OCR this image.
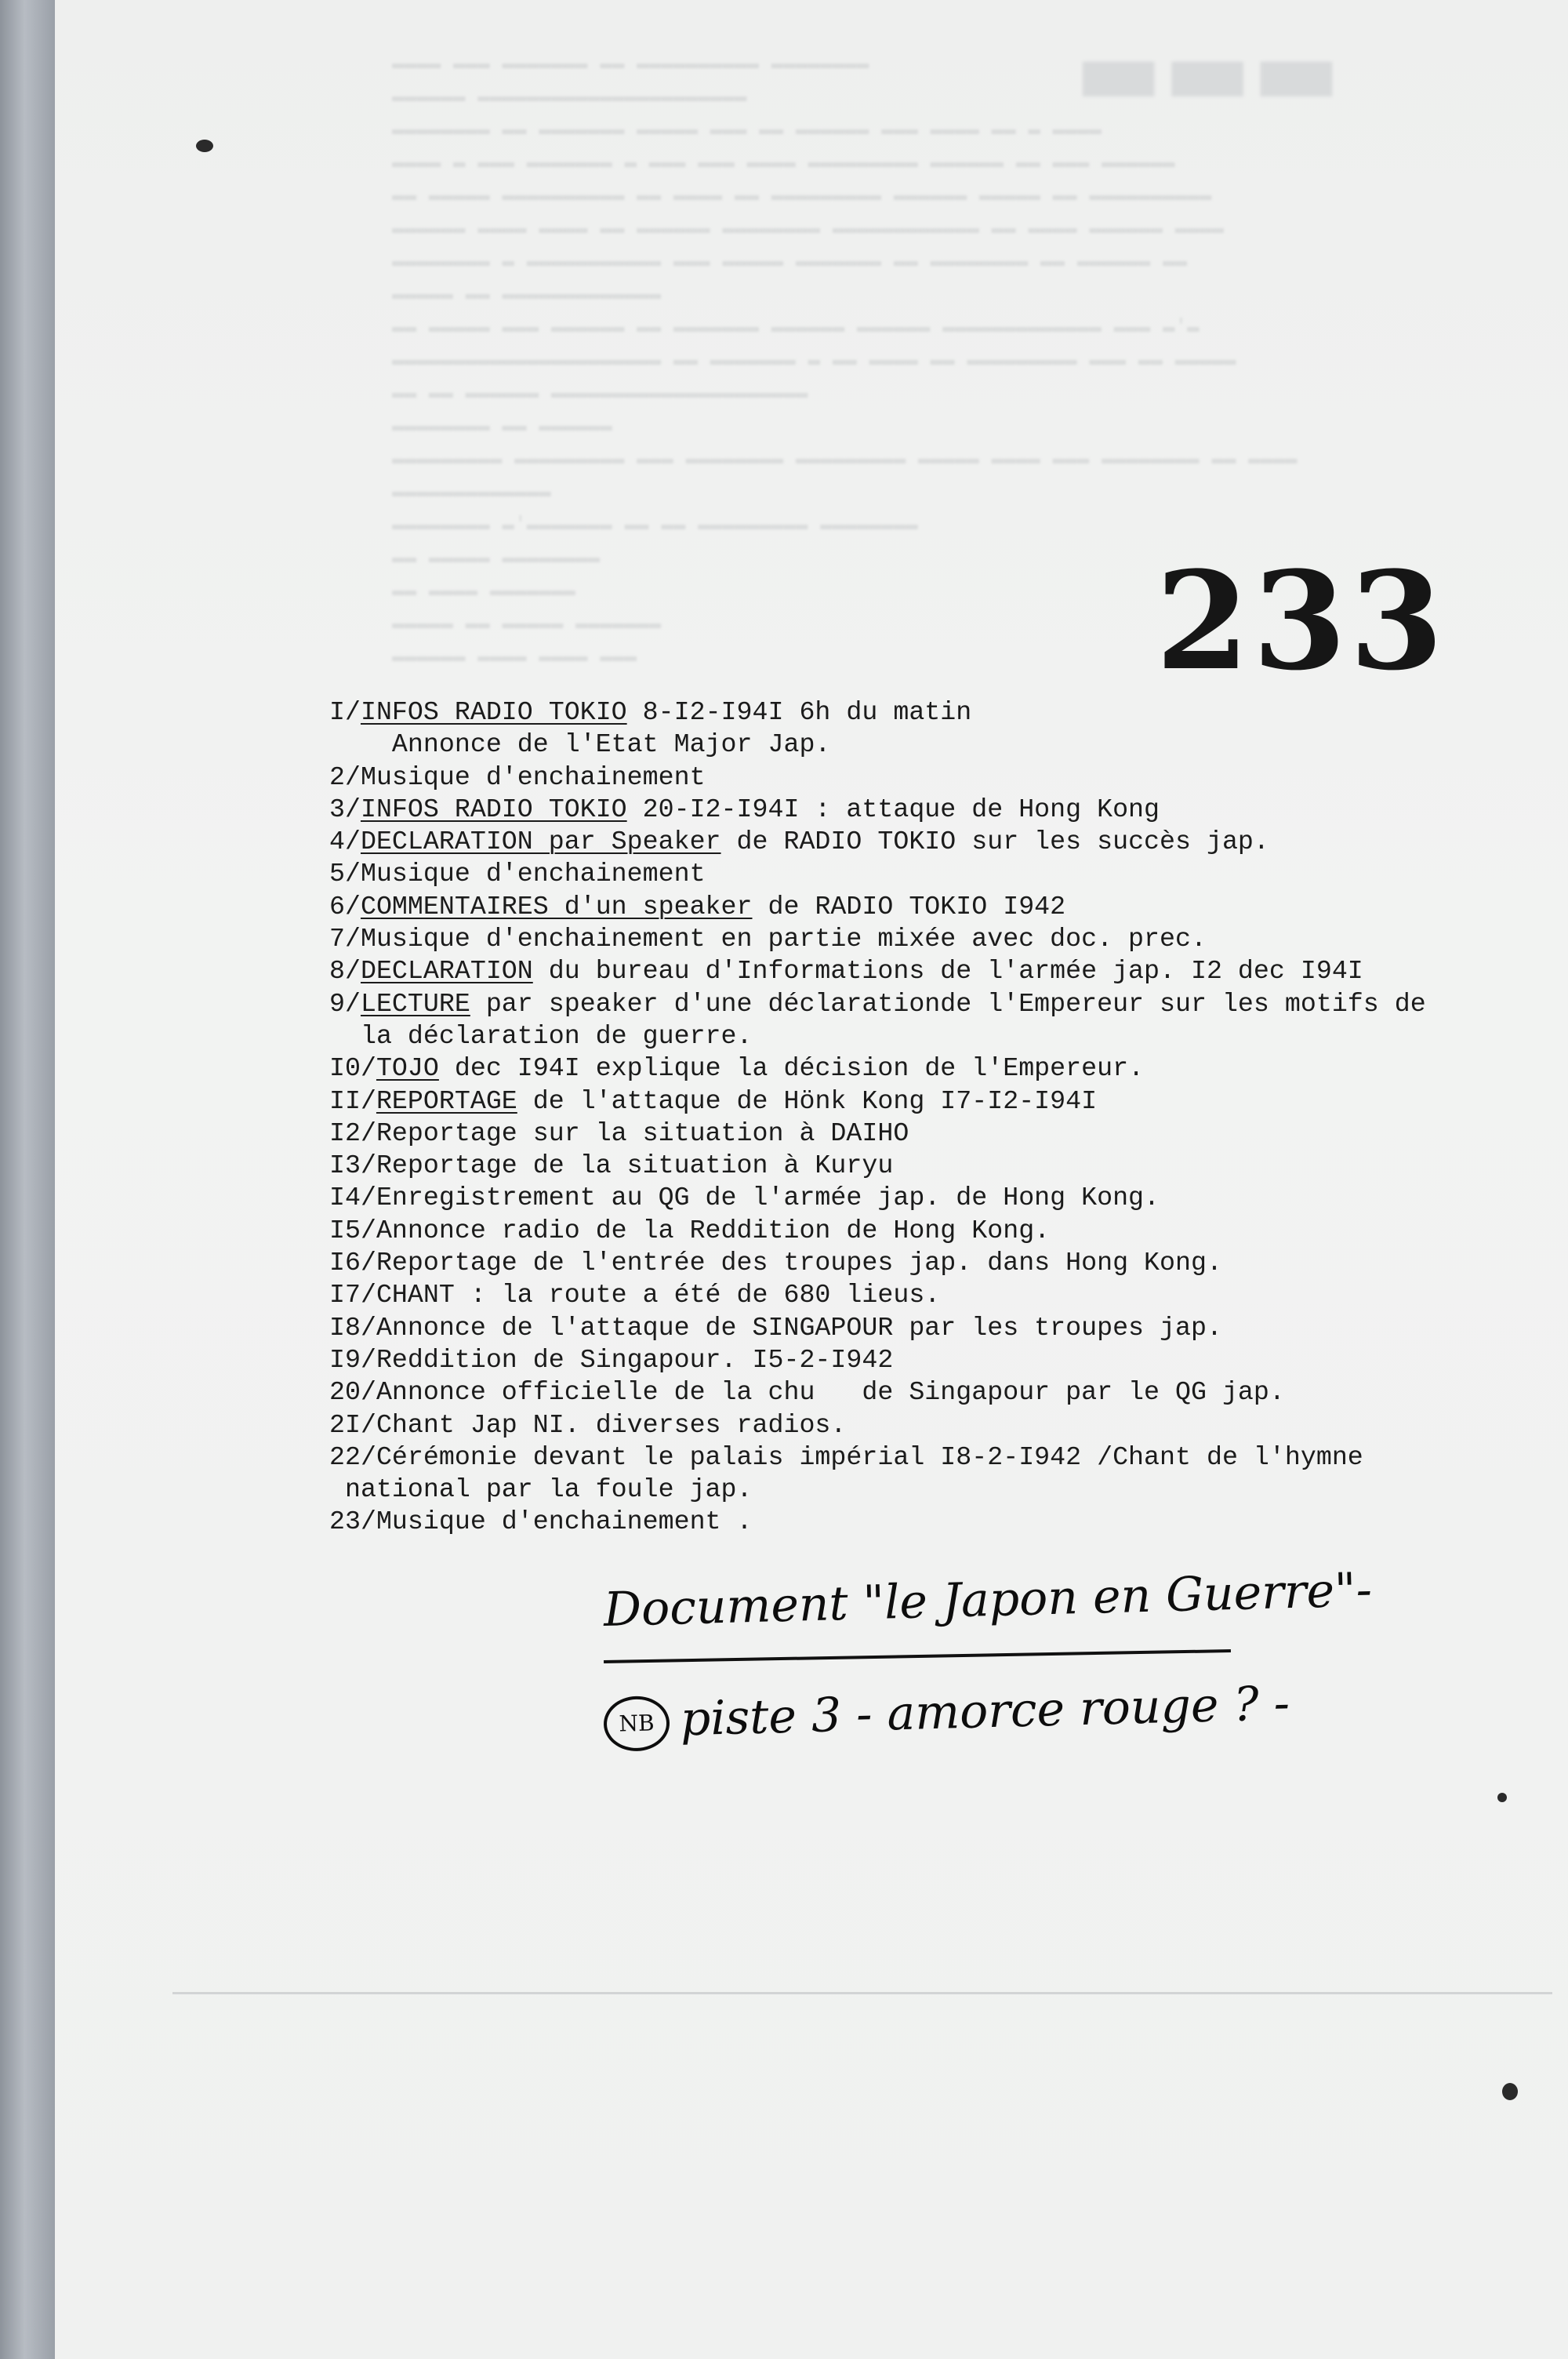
▬▬▬
▬▬▬▬ ▬▬▬ ▬▬▬▬▬▬▬ ▬▬ ▬▬▬▬▬▬▬▬▬▬ ▬▬▬▬▬▬▬▬
▬▬▬▬▬▬ ▬▬▬▬▬▬▬▬▬▬▬▬▬▬▬▬▬▬▬▬▬▬
▬▬▬▬▬▬▬▬ ▬▬ ▬▬▬▬▬▬▬ ▬▬▬▬▬ ▬▬▬ ▬▬ ▬▬▬▬▬▬ ▬▬▬ ▬▬▬▬ ▬▬ ▬ ▬▬▬▬
▬▬▬▬ ▬ ▬▬▬ ▬▬▬▬▬▬▬ ▬ ▬▬▬ ▬▬▬ ▬▬▬▬ ▬▬▬▬▬▬▬▬▬ ▬▬▬▬▬▬ ▬▬ ▬▬▬ ▬▬▬▬▬▬
▬▬ ▬▬▬▬▬ ▬▬▬▬▬▬▬▬▬▬ ▬▬ ▬▬▬▬ ▬▬ ▬▬▬▬▬▬▬▬▬ ▬▬▬▬▬▬ ▬▬▬▬▬ ▬▬ ▬▬▬▬▬▬▬▬▬▬
▬▬▬▬▬▬ ▬▬▬▬ ▬▬▬▬ ▬▬ ▬▬▬▬▬▬ ▬▬▬▬▬▬▬▬ ▬▬▬▬▬▬▬▬▬▬▬▬ ▬▬ ▬▬▬▬ ▬▬▬▬▬▬ ▬▬▬▬
▬▬▬▬▬▬▬▬ ▬ ▬▬▬▬▬▬▬▬▬▬▬ ▬▬▬ ▬▬▬▬▬ ▬▬▬▬▬▬▬ ▬▬ ▬▬▬▬▬▬▬▬ ▬▬ ▬▬▬▬▬▬ ▬▬
▬▬▬▬▬ ▬▬ ▬▬▬▬▬▬▬▬▬▬▬▬▬
▬▬ ▬▬▬▬▬ ▬▬▬ ▬▬▬▬▬▬ ▬▬ ▬▬▬▬▬▬▬ ▬▬▬▬▬▬ ▬▬▬▬▬▬ ▬▬▬▬▬▬▬▬▬▬▬▬▬ ▬▬▬ ▬'▬
▬▬▬▬▬▬▬▬▬▬▬▬▬▬▬▬▬▬▬▬▬▬ ▬▬ ▬▬▬▬▬▬▬ ▬ ▬▬ ▬▬▬▬ ▬▬ ▬▬▬▬▬▬▬▬▬ ▬▬▬ ▬▬ ▬▬▬▬▬
▬▬ ▬▬ ▬▬▬▬▬▬ ▬▬▬▬▬▬▬▬▬▬▬▬▬▬▬▬▬▬▬▬▬
▬▬▬▬▬▬▬▬ ▬▬ ▬▬▬▬▬▬
▬▬▬▬▬▬▬▬▬ ▬▬▬▬▬▬▬▬▬ ▬▬▬ ▬▬▬▬▬▬▬▬ ▬▬▬▬▬▬▬▬▬ ▬▬▬▬▬ ▬▬▬▬ ▬▬▬ ▬▬▬▬▬▬▬▬ ▬▬ ▬▬▬▬
▬▬▬▬▬▬▬▬▬▬▬▬▬
▬▬▬▬▬▬▬▬ ▬'▬▬▬▬▬▬▬ ▬▬ ▬▬ ▬▬▬▬▬▬▬▬▬ ▬▬▬▬▬▬▬▬
▬▬ ▬▬▬▬▬ ▬▬▬▬▬▬▬▬
▬▬ ▬▬▬▬ ▬▬▬▬▬▬▬
▬▬▬▬▬ ▬▬ ▬▬▬▬▬ ▬▬▬▬▬▬▬
▬▬▬▬▬▬ ▬▬▬▬ ▬▬▬▬ ▬▬▬	233
I/INFOS RADIO TOKIO 8-I2-I94I 6h du matin
Annonce de l'Etat Major Jap.
2/Musique d'enchainement
3/INFOS RADIO TOKIO 20-I2-I94I : attaque de Hong Kong
4/DECLARATION par Speaker de RADIO TOKIO sur les succès jap.
5/Musique d'enchainement
6/COMMENTAIRES d'un speaker de RADIO TOKIO I942
7/Musique d'enchainement en partie mixée avec doc. prec.
8/DECLARATION du bureau d'Informations de l'armée jap. I2 dec I94I
9/LECTURE par speaker d'une déclarationde l'Empereur sur les motifs de
la déclaration de guerre.
I0/TOJO dec I94I explique la décision de l'Empereur.
II/REPORTAGE de l'attaque de Hönk Kong I7-I2-I94I
I2/Reportage sur la situation à DAIHO
I3/Reportage de la situation à Kuryu
I4/Enregistrement au QG de l'armée jap. de Hong Kong.
I5/Annonce radio de la Reddition de Hong Kong.
I6/Reportage de l'entrée des troupes jap. dans Hong Kong.
I7/CHANT : la route a été de 680 lieus.
I8/Annonce de l'attaque de SINGAPOUR par les troupes jap.
I9/Reddition de Singapour. I5-2-I942
20/Annonce officielle de la chu   de Singapour par le QG jap.
2I/Chant Jap NI. diverses radios.
22/Cérémonie devant le palais impérial I8-2-I942 /Chant de l'hymne
national par la foule jap.
23/Musique d'enchainement .
Document "le Japon en Guerre"-
NB piste 3 - amorce rouge ? -
